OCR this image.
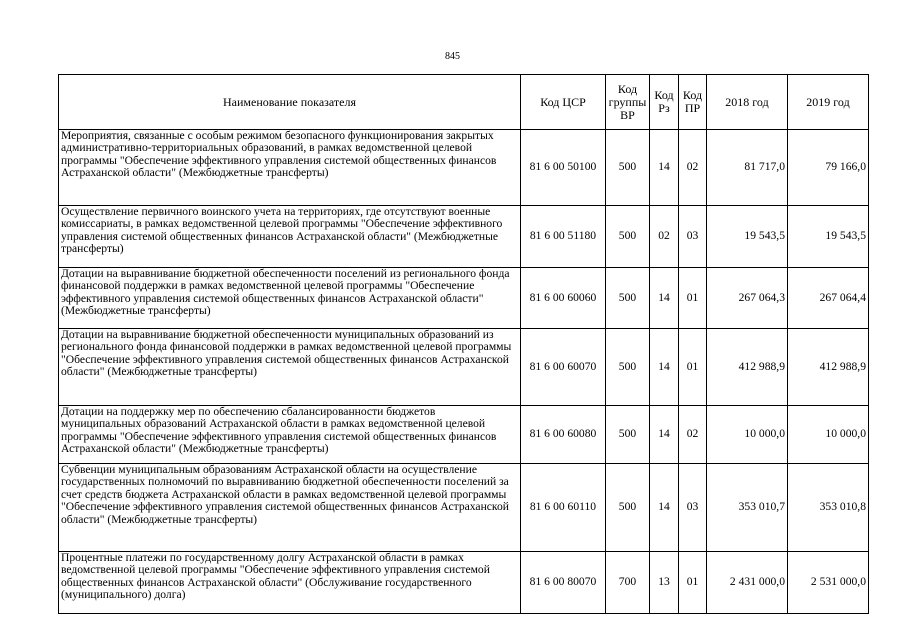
845
Наименование показателя	Код ЦСР	Код группы ВР	Код Рз	Код ПР	2018 год	2019 год
Мероприятия, связанные с особым режимом безопасного функционирования закрытых административно-территориальных образований, в рамках ведомственной целевой программы "Обеспечение эффективного управления системой общественных финансов Астраханской области" (Межбюджетные трансферты)	81 6 00 50100	500	14	02	81 717,0	79 166,0
Осуществление первичного воинского учета на территориях, где отсутствуют военные комиссариаты, в рамках ведомственной целевой программы "Обеспечение эффективного управления системой общественных финансов Астраханской области" (Межбюджетные трансферты)	81 6 00 51180	500	02	03	19 543,5	19 543,5
Дотации на выравнивание бюджетной обеспеченности поселений из регионального фонда финансовой поддержки в рамках ведомственной целевой программы "Обеспечение эффективного управления системой общественных финансов Астраханской области" (Межбюджетные трансферты)	81 6 00 60060	500	14	01	267 064,3	267 064,4
Дотации на выравнивание бюджетной обеспеченности муниципальных образований из регионального фонда финансовой поддержки в рамках ведомственной целевой программы "Обеспечение эффективного управления системой общественных финансов Астраханской области" (Межбюджетные трансферты)	81 6 00 60070	500	14	01	412 988,9	412 988,9
Дотации на поддержку мер по обеспечению сбалансированности бюджетов муниципальных образований Астраханской области в рамках ведомственной целевой программы "Обеспечение эффективного управления системой общественных финансов Астраханской области" (Межбюджетные трансферты)	81 6 00 60080	500	14	02	10 000,0	10 000,0
Субвенции муниципальным образованиям Астраханской области на осуществление государственных полномочий по выравниванию бюджетной обеспеченности поселений за счет средств бюджета Астраханской области в рамках ведомственной целевой программы "Обеспечение эффективного управления системой общественных финансов Астраханской области" (Межбюджетные трансферты)	81 6 00 60110	500	14	03	353 010,7	353 010,8
Процентные платежи по государственному долгу Астраханской области в рамках ведомственной целевой программы "Обеспечение эффективного управления системой общественных финансов Астраханской области" (Обслуживание государственного (муниципального) долга)	81 6 00 80070	700	13	01	2 431 000,0	2 531 000,0
